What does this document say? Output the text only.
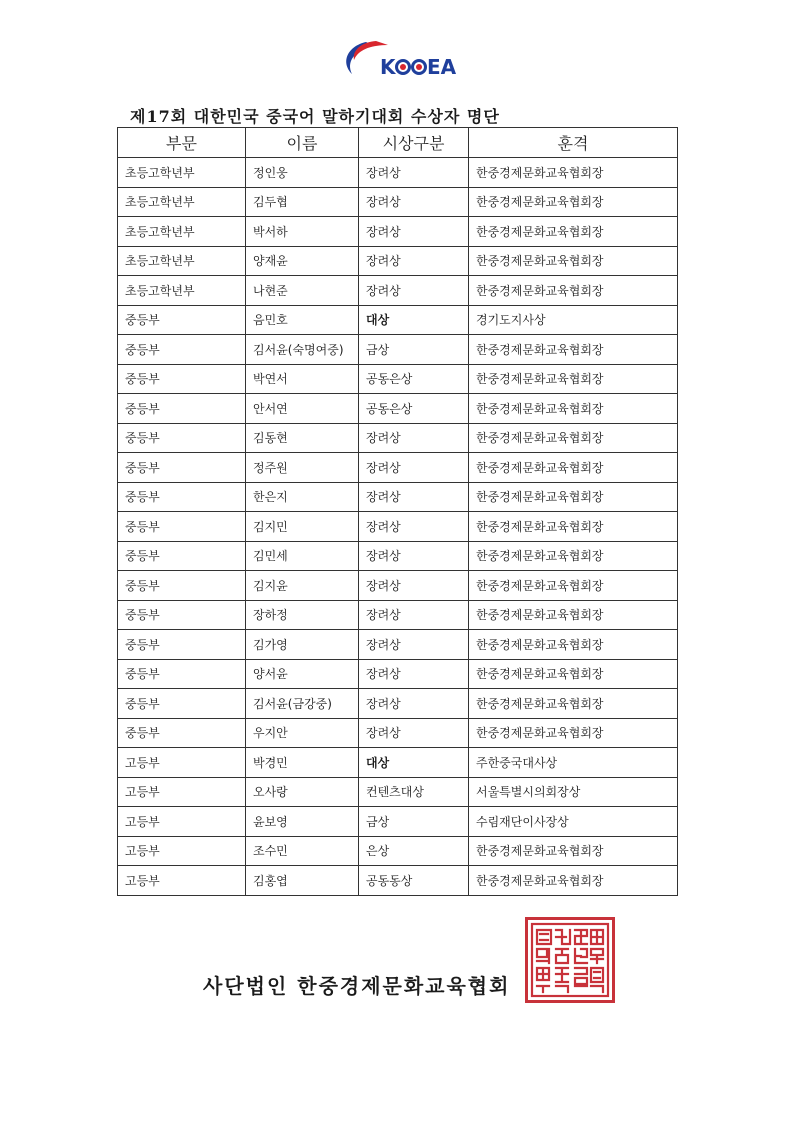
K EA
제17회 대한민국 중국어 말하기대회 수상자 명단
부문	이름	시상구분	훈격
초등고학년부	정인웅	장려상	한중경제문화교육협회장
초등고학년부	김두협	장려상	한중경제문화교육협회장
초등고학년부	박서하	장려상	한중경제문화교육협회장
초등고학년부	양재윤	장려상	한중경제문화교육협회장
초등고학년부	나현준	장려상	한중경제문화교육협회장
중등부	음민호	대상	경기도지사상
중등부	김서윤(숙명여중)	금상	한중경제문화교육협회장
중등부	박연서	공동은상	한중경제문화교육협회장
중등부	안서연	공동은상	한중경제문화교육협회장
중등부	김동현	장려상	한중경제문화교육협회장
중등부	정주원	장려상	한중경제문화교육협회장
중등부	한은지	장려상	한중경제문화교육협회장
중등부	김지민	장려상	한중경제문화교육협회장
중등부	김민세	장려상	한중경제문화교육협회장
중등부	김지윤	장려상	한중경제문화교육협회장
중등부	장하정	장려상	한중경제문화교육협회장
중등부	김가영	장려상	한중경제문화교육협회장
중등부	양서윤	장려상	한중경제문화교육협회장
중등부	김서윤(금강중)	장려상	한중경제문화교육협회장
중등부	우지안	장려상	한중경제문화교육협회장
고등부	박경민	대상	주한중국대사상
고등부	오사랑	컨텐츠대상	서울특별시의회장상
고등부	윤보영	금상	수림재단이사장상
고등부	조수민	은상	한중경제문화교육협회장
고등부	김홍엽	공동동상	한중경제문화교육협회장
사단법인 한중경제문화교육협회
